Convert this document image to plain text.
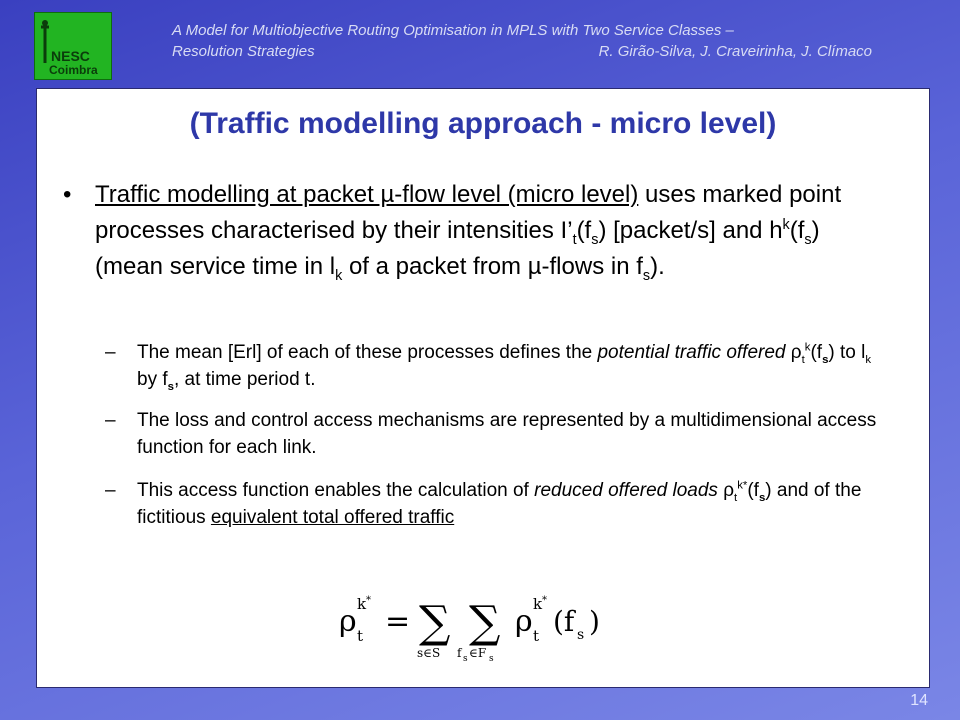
NESC
Coimbra
A Model for Multiobjective Routing Optimisation in MPLS with Two Service Classes –
Resolution Strategies	R. Girão-Silva, J. Craveirinha, J. Clímaco
(Traffic modelling approach - micro level)
• Traffic modelling at packet µ-flow level (micro level) uses marked point processes characterised by their intensities $I’_t(f_s)$ [packet/s] and $h^k(f_s)$ (mean service time in $l_k$ of a packet from µ-flows in $f_s$).
– The mean [Erl] of each of these processes defines the potential traffic offered $\rho_t^k(f_s)$ to $l_k$ by $f_s$, at time period t.
– The loss and control access mechanisms are represented by a multidimensional access function for each link.
– This access function enables the calculation of reduced offered loads $\rho_t^{k*}(f_s)$ and of the fictitious equivalent total offered traffic
ρ k *
t = ∑
s∈S
∑
f s ∈F s
ρ k *
t (f s )
14
